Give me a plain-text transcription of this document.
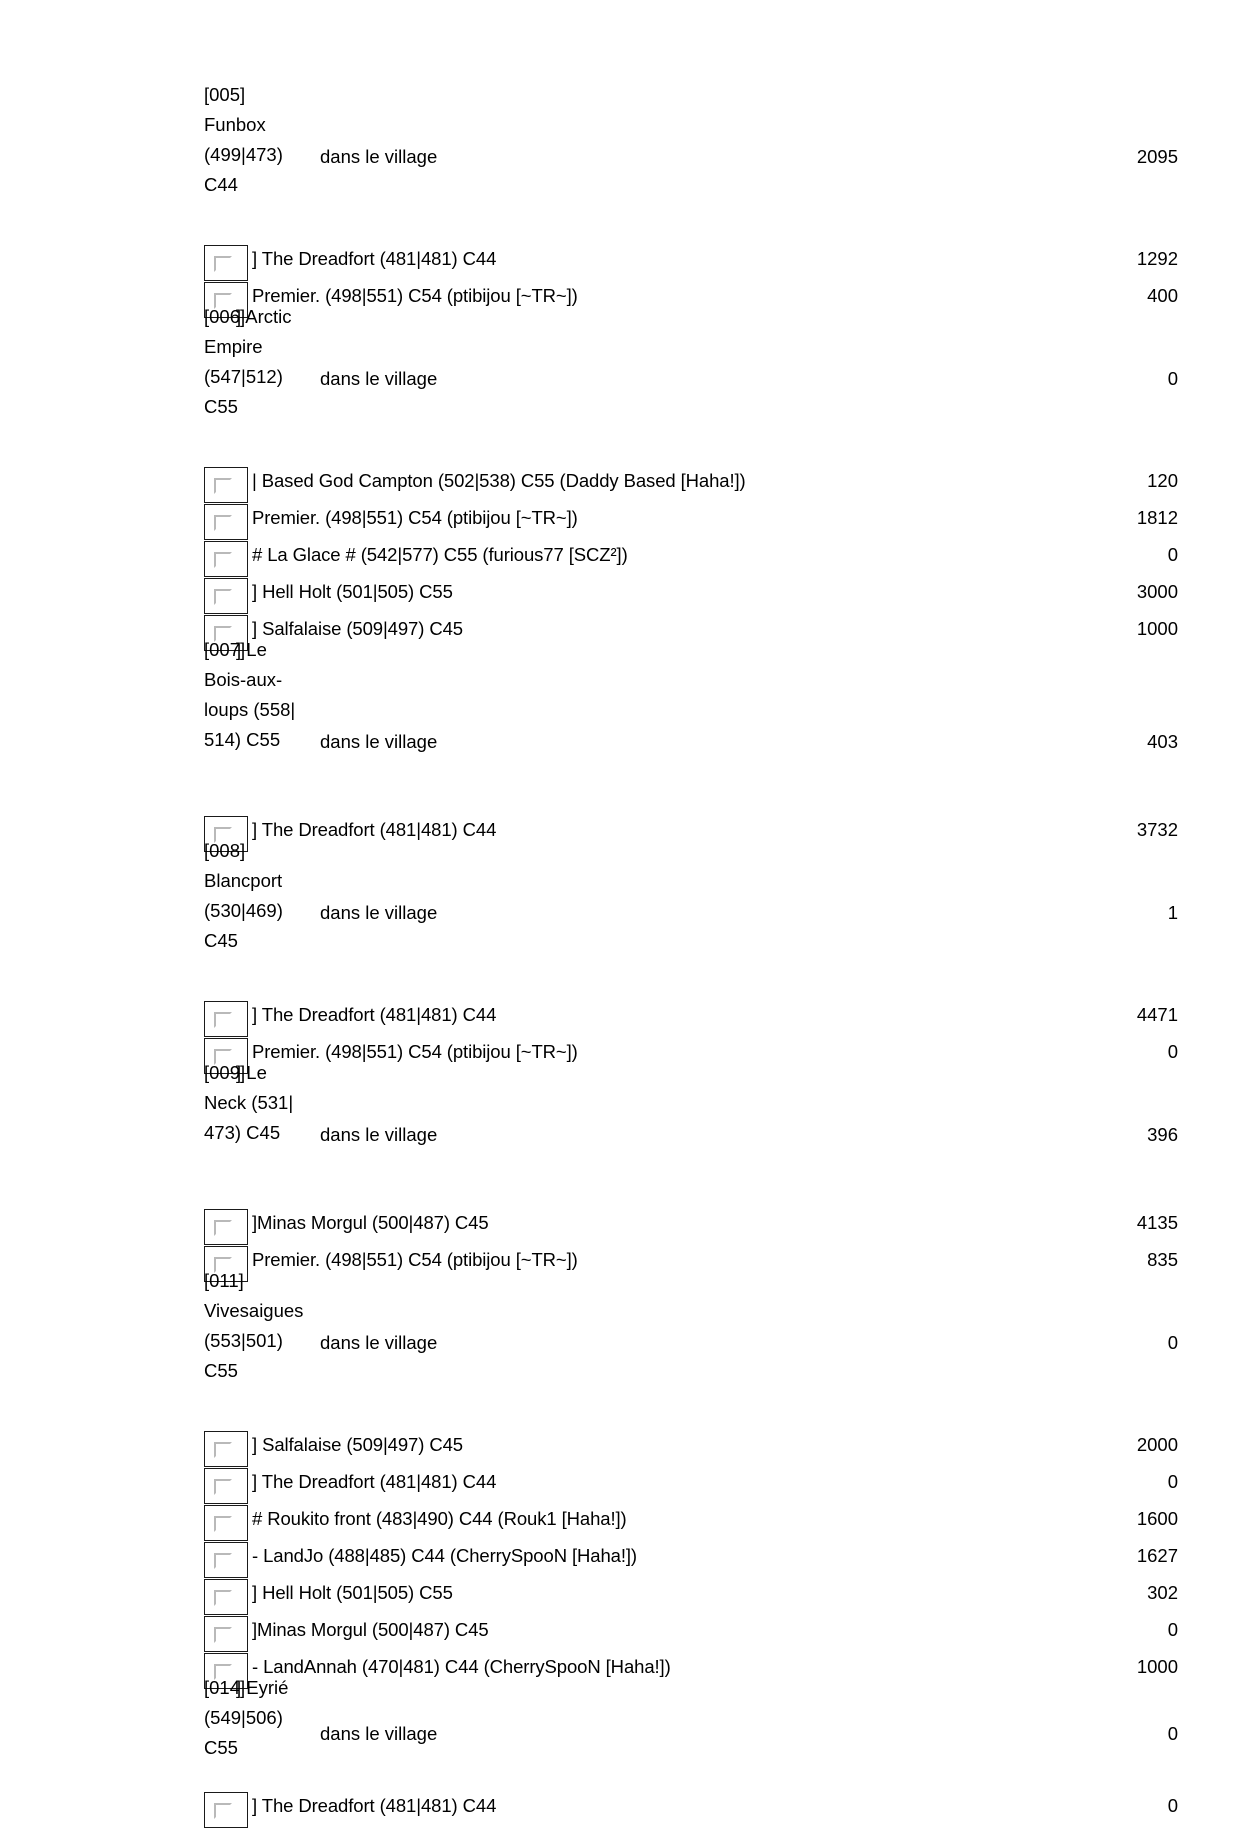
[005]
Funbox
(499|473)
C44
dans le village	2095
] The Dreadfort (481|481) C44	1292
Premier. (498|551) C54 (ptibijou [~TR~])	400
[006]
] Arctic
Empire
(547|512)
C55
dans le village	0
| Based God Campton (502|538) C55 (Daddy Based [Haha!])	120
Premier. (498|551) C54 (ptibijou [~TR~])	1812
# La Glace # (542|577) C55 (furious77 [SCZ²])	0
] Hell Holt (501|505) C55	3000
] Salfalaise (509|497) C45	1000
[007]
] Le
Bois-aux-
loups (558|
514) C55	dans le village	403
] The Dreadfort (481|481) C44	3732
[008]
Blancport
(530|469)
C45
dans le village	1
] The Dreadfort (481|481) C44	4471
Premier. (498|551) C54 (ptibijou [~TR~])	0
[009]
] Le
Neck (531|
473) C45	dans le village	396
]Minas Morgul (500|487) C45	4135
Premier. (498|551) C54 (ptibijou [~TR~])	835
[011]
Vivesaigues
(553|501)
C55
dans le village	0
] Salfalaise (509|497) C45	2000
] The Dreadfort (481|481) C44	0
# Roukito front (483|490) C44 (Rouk1 [Haha!])	1600
- LandJo (488|485) C44 (CherrySpooN [Haha!])	1627
] Hell Holt (501|505) C55	302
]Minas Morgul (500|487) C45	0
- LandAnnah (470|481) C44 (CherrySpooN [Haha!])	1000
[014]
] Eyrié
(549|506)
C55
dans le village	0
] The Dreadfort (481|481) C44	0
